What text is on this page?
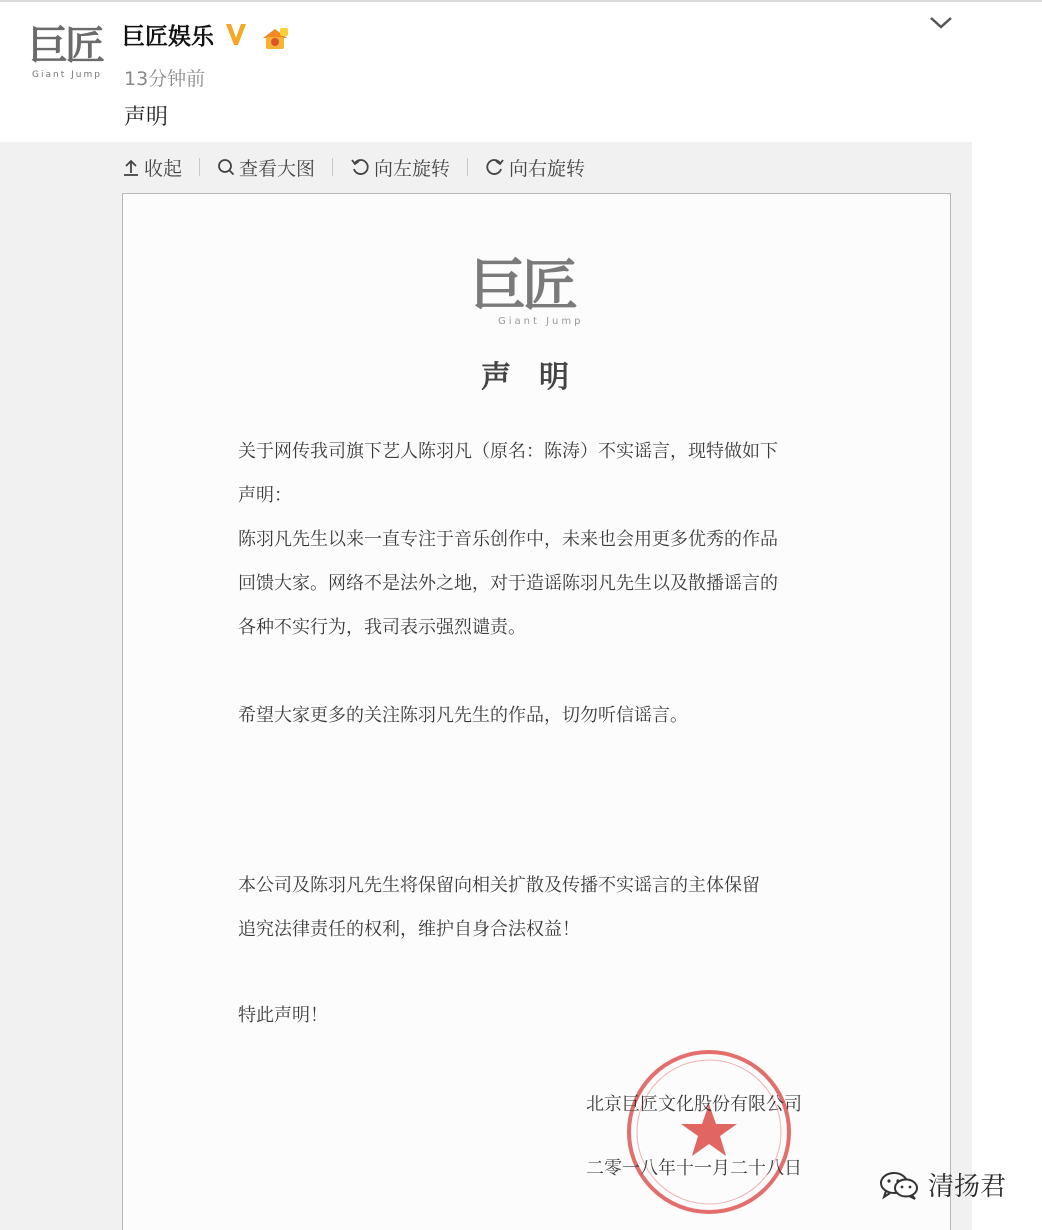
巨匠
Giant Jump
巨匠娱乐
13分钟前
声明
收起	查看大图	向左旋转	向右旋转
巨匠
Giant Jump
声明
关于网传我司旗下艺人陈羽凡（原名：陈涛）不实谣言，现特做如下
声明：
陈羽凡先生以来一直专注于音乐创作中，未来也会用更多优秀的作品
回馈大家。网络不是法外之地，对于造谣陈羽凡先生以及散播谣言的
各种不实行为，我司表示强烈谴责。
希望大家更多的关注陈羽凡先生的作品，切勿听信谣言。
本公司及陈羽凡先生将保留向相关扩散及传播不实谣言的主体保留
追究法律责任的权利，维护自身合法权益！
特此声明！
北京巨匠文化股份有限公司
二零一八年十一月二十八日
清扬君
